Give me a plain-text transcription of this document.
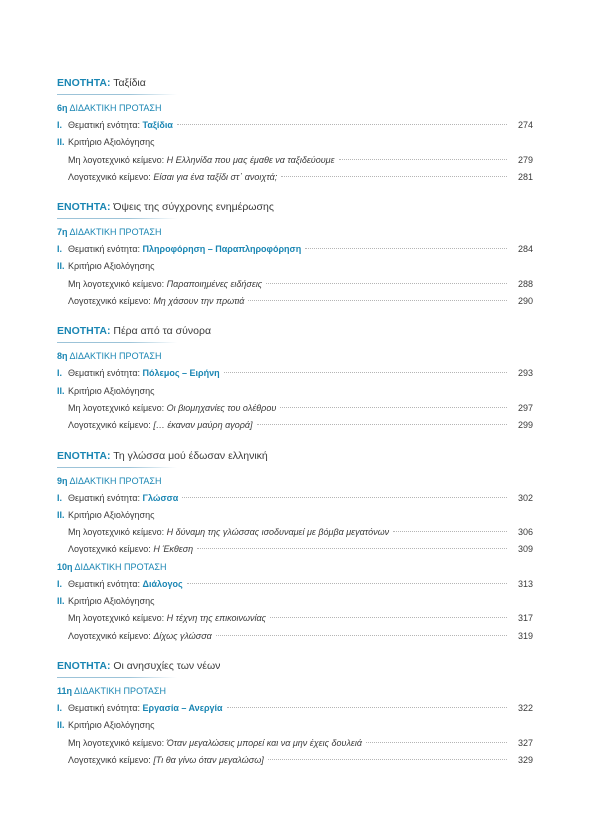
ΕΝΟΤΗΤΑ: Ταξίδια
6η ΔΙΔΑΚΤΙΚΗ ΠΡΟΤΑΣΗ
I. Θεματική ενότητα: Ταξίδια	274
II. Κριτήριο Αξιολόγησης
Μη λογοτεχνικό κείμενο: Η Ελληνίδα που μας έμαθε να ταξιδεύουμε	279
Λογοτεχνικό κείμενο: Είσαι για ένα ταξίδι στ᾽ ανοιχτά;	281
ΕΝΟΤΗΤΑ: Όψεις της σύγχρονης ενημέρωσης
7η ΔΙΔΑΚΤΙΚΗ ΠΡΟΤΑΣΗ
I. Θεματική ενότητα: Πληροφόρηση – Παραπληροφόρηση	284
II. Κριτήριο Αξιολόγησης
Μη λογοτεχνικό κείμενο: Παραποιημένες ειδήσεις	288
Λογοτεχνικό κείμενο: Μη χάσουν την πρωτιά	290
ΕΝΟΤΗΤΑ: Πέρα από τα σύνορα
8η ΔΙΔΑΚΤΙΚΗ ΠΡΟΤΑΣΗ
I. Θεματική ενότητα: Πόλεμος – Ειρήνη	293
II. Κριτήριο Αξιολόγησης
Μη λογοτεχνικό κείμενο: Οι βιομηχανίες του ολέθρου	297
Λογοτεχνικό κείμενο: [… έκαναν μαύρη αγορά]	299
ΕΝΟΤΗΤΑ: Τη γλώσσα μού έδωσαν ελληνική
9η ΔΙΔΑΚΤΙΚΗ ΠΡΟΤΑΣΗ
I. Θεματική ενότητα: Γλώσσα	302
II. Κριτήριο Αξιολόγησης
Μη λογοτεχνικό κείμενο: Η δύναμη της γλώσσας ισοδυναμεί με βόμβα μεγατόνων	306
Λογοτεχνικό κείμενο: Η Έκθεση	309
10η ΔΙΔΑΚΤΙΚΗ ΠΡΟΤΑΣΗ
I. Θεματική ενότητα: Διάλογος	313
II. Κριτήριο Αξιολόγησης
Μη λογοτεχνικό κείμενο: Η τέχνη της επικοινωνίας	317
Λογοτεχνικό κείμενο: Δίχως γλώσσα	319
ΕΝΟΤΗΤΑ: Οι ανησυχίες των νέων
11η ΔΙΔΑΚΤΙΚΗ ΠΡΟΤΑΣΗ
I. Θεματική ενότητα: Εργασία – Ανεργία	322
II. Κριτήριο Αξιολόγησης
Μη λογοτεχνικό κείμενο: Όταν μεγαλώσεις μπορεί και να μην έχεις δουλειά	327
Λογοτεχνικό κείμενο: [Τι θα γίνω όταν μεγαλώσω]	329
